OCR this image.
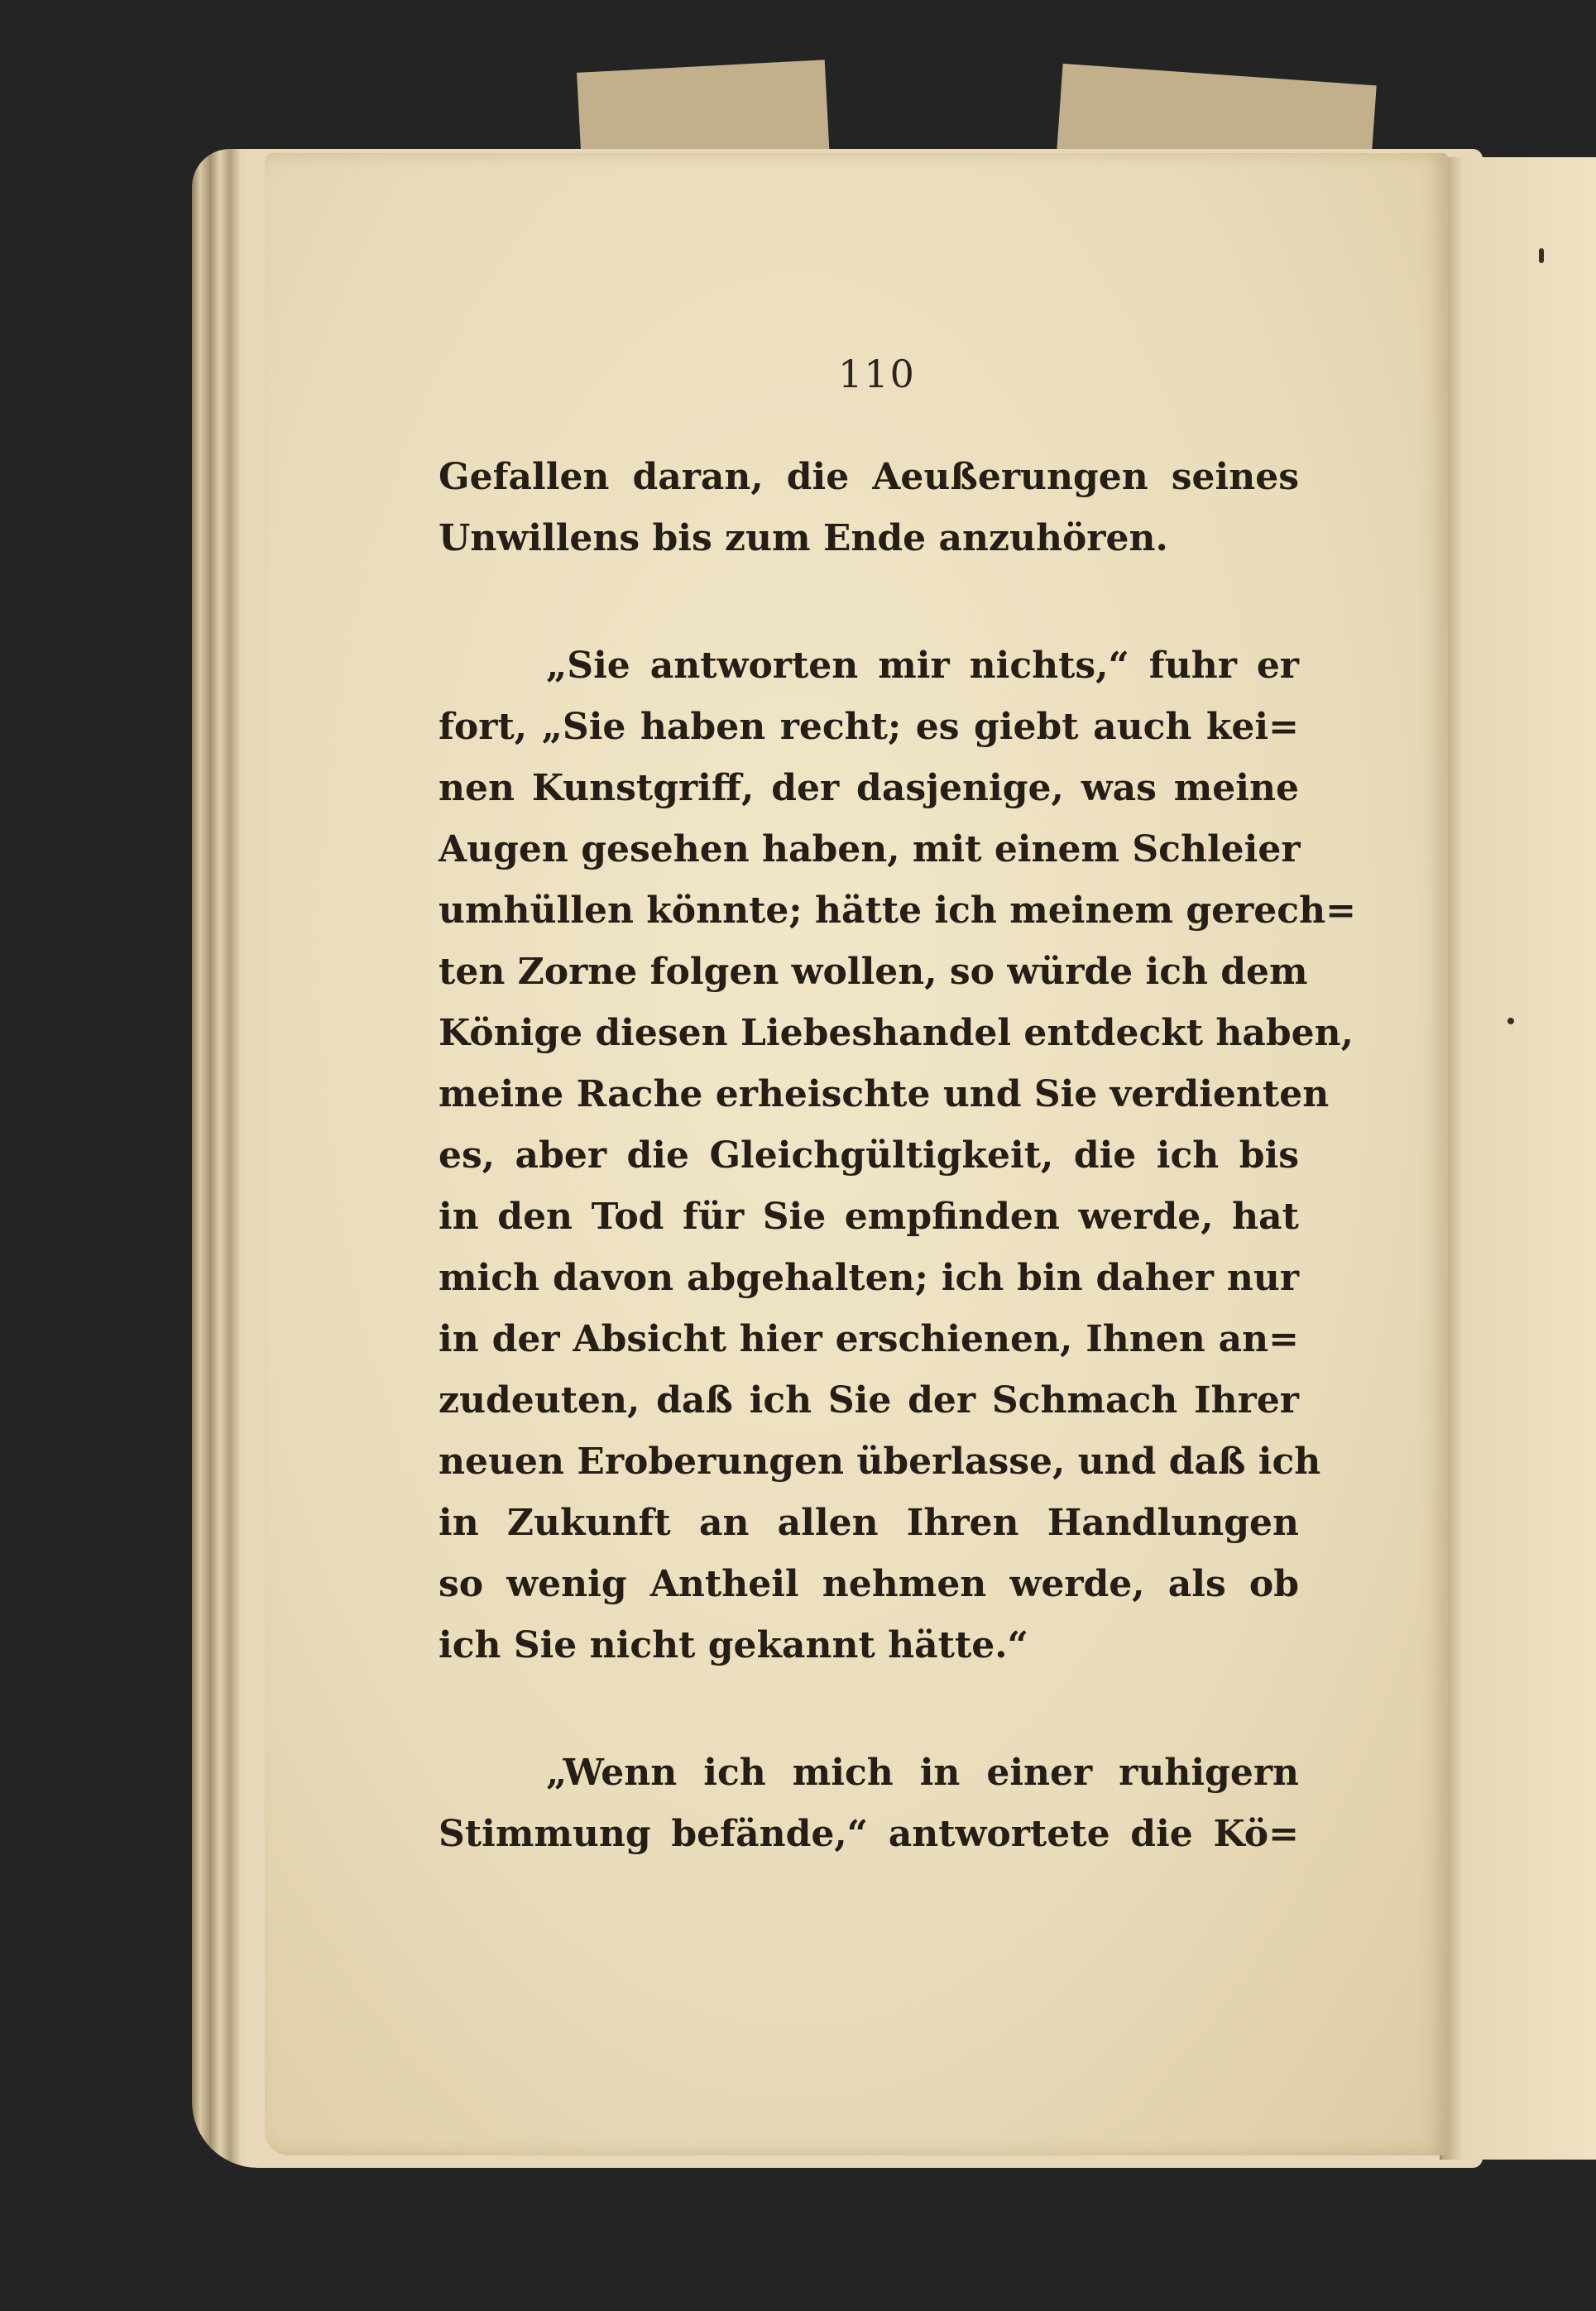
110
Gefallen daran, die Aeußerungen seines
Unwillens bis zum Ende anzuhören.
„Sie antworten mir nichts,“ fuhr er
fort, „Sie haben recht; es giebt auch kei=
nen Kunstgriff, der dasjenige, was meine
Augen gesehen haben, mit einem Schleier
umhüllen könnte; hätte ich meinem gerech=
ten Zorne folgen wollen, so würde ich dem
Könige diesen Liebeshandel entdeckt haben,
meine Rache erheischte und Sie verdienten
es, aber die Gleichgültigkeit, die ich bis
in den Tod für Sie empfinden werde, hat
mich davon abgehalten; ich bin daher nur
in der Absicht hier erschienen, Ihnen an=
zudeuten, daß ich Sie der Schmach Ihrer
neuen Eroberungen überlasse, und daß ich
in Zukunft an allen Ihren Handlungen
so wenig Antheil nehmen werde, als ob
ich Sie nicht gekannt hätte.“
„Wenn ich mich in einer ruhigern
Stimmung befände,“ antwortete die Kö=
